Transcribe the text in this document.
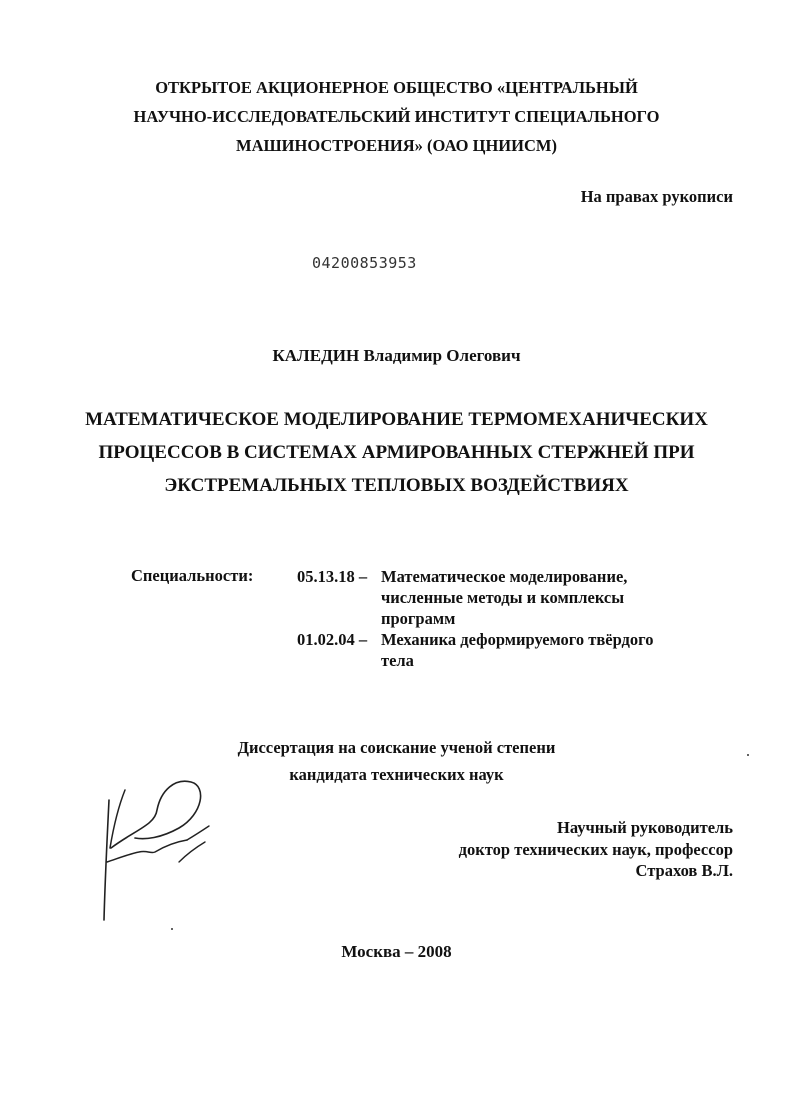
ОТКРЫТОЕ АКЦИОНЕРНОЕ ОБЩЕСТВО «ЦЕНТРАЛЬНЫЙ
НАУЧНО-ИССЛЕДОВАТЕЛЬСКИЙ ИНСТИТУТ СПЕЦИАЛЬНОГО
МАШИНОСТРОЕНИЯ» (ОАО ЦНИИСМ)
На правах рукописи
04200853953
КАЛЕДИН Владимир Олегович
МАТЕМАТИЧЕСКОЕ МОДЕЛИРОВАНИЕ ТЕРМОМЕХАНИЧЕСКИХ
ПРОЦЕССОВ В СИСТЕМАХ АРМИРОВАННЫХ СТЕРЖНЕЙ ПРИ
ЭКСТРЕМАЛЬНЫХ ТЕПЛОВЫХ ВОЗДЕЙСТВИЯХ
Специальности:	05.13.18 – Математическое моделирование,
численные методы и комплексы
программ
01.02.04 – Механика деформируемого твёрдого
тела
Диссертация на соискание ученой степени
кандидата технических наук
Научный руководитель
доктор технических наук, профессор
Страхов В.Л.
Москва – 2008
